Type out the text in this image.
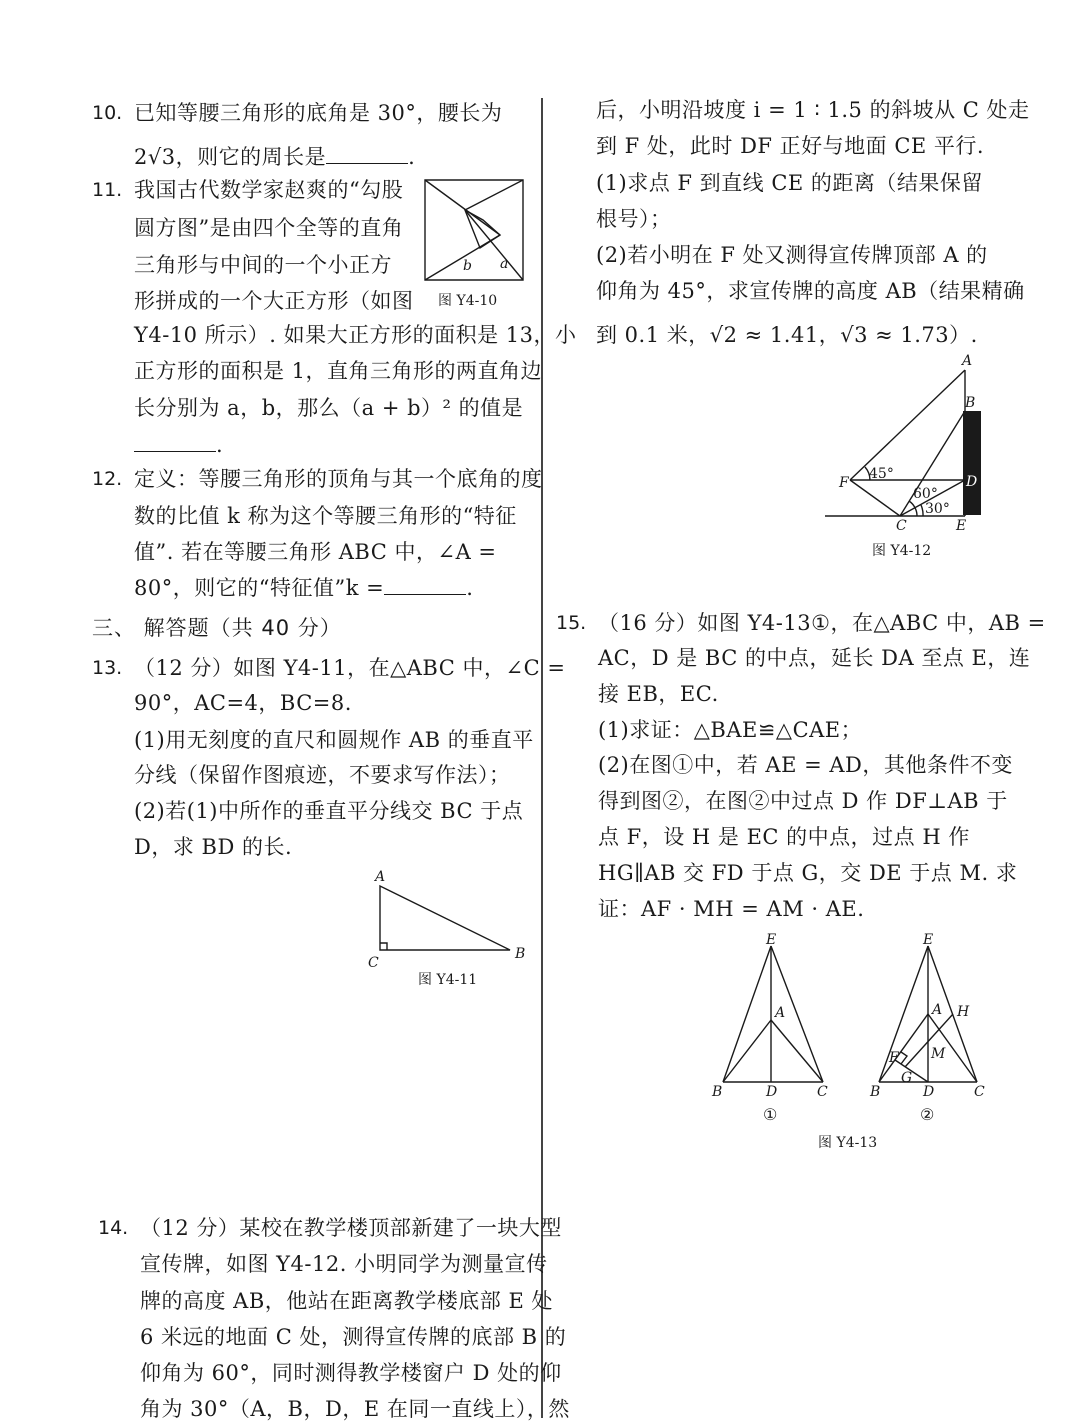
10. 已知等腰三角形的底角是 30°，腰长为
2√3，则它的周长是	.
11. 我国古代数学家赵爽的“勾股
圆方图”是由四个全等的直角
三角形与中间的一个小正方
形拼成的一个大正方形（如图
Y4-10 所示）. 如果大正方形的面积是 13，小
正方形的面积是 1，直角三角形的两直角边
长分别为 a，b，那么（a + b）² 的值是
.
b a
图 Y4-10
12. 定义：等腰三角形的顶角与其一个底角的度
数的比值 k 称为这个等腰三角形的“特征
值”. 若在等腰三角形 ABC 中，∠A =
80°，则它的“特征值”k =	.
三、 解答题（共 40 分）
13. （12 分）如图 Y4-11，在△ABC 中，∠C =
90°，AC=4，BC=8.
(1)用无刻度的直尺和圆规作 AB 的垂直平
分线（保留作图痕迹，不要求写作法）；
(2)若(1)中所作的垂直平分线交 BC 于点
D，求 BD 的长.
A
B
C
图 Y4-11
14. （12 分）某校在教学楼顶部新建了一块大型
宣传牌，如图 Y4-12. 小明同学为测量宣传
牌的高度 AB，他站在距离教学楼底部 E 处
6 米远的地面 C 处，测得宣传牌的底部 B 的
仰角为 60°，同时测得教学楼窗户 D 处的仰
角为 30°（A，B，D，E 在同一直线上），然
后，小明沿坡度 i = 1 ∶ 1.5 的斜坡从 C 处走
到 F 处，此时 DF 正好与地面 CE 平行.
(1)求点 F 到直线 CE 的距离（结果保留
根号）；
(2)若小明在 F 处又测得宣传牌顶部 A 的
仰角为 45°，求宣传牌的高度 AB（结果精确
到 0.1 米，√2 ≈ 1.41，√3 ≈ 1.73）.
A
B
D
E
C
F
45°
60°
30°
图 Y4-12
15. （16 分）如图 Y4-13①，在△ABC 中，AB =
AC，D 是 BC 的中点，延长 DA 至点 E，连
接 EB，EC.
(1)求证：△BAE≌△CAE；
(2)在图①中，若 AE = AD，其他条件不变
得到图②，在图②中过点 D 作 DF⊥AB 于
点 F，设 H 是 EC 的中点，过点 H 作
HG∥AB 交 FD 于点 G，交 DE 于点 M. 求
证：AF · MH = AM · AE.
E
A
B	D	C
①
E
A H
M
F
G
B	D	C
②
图 Y4-13
